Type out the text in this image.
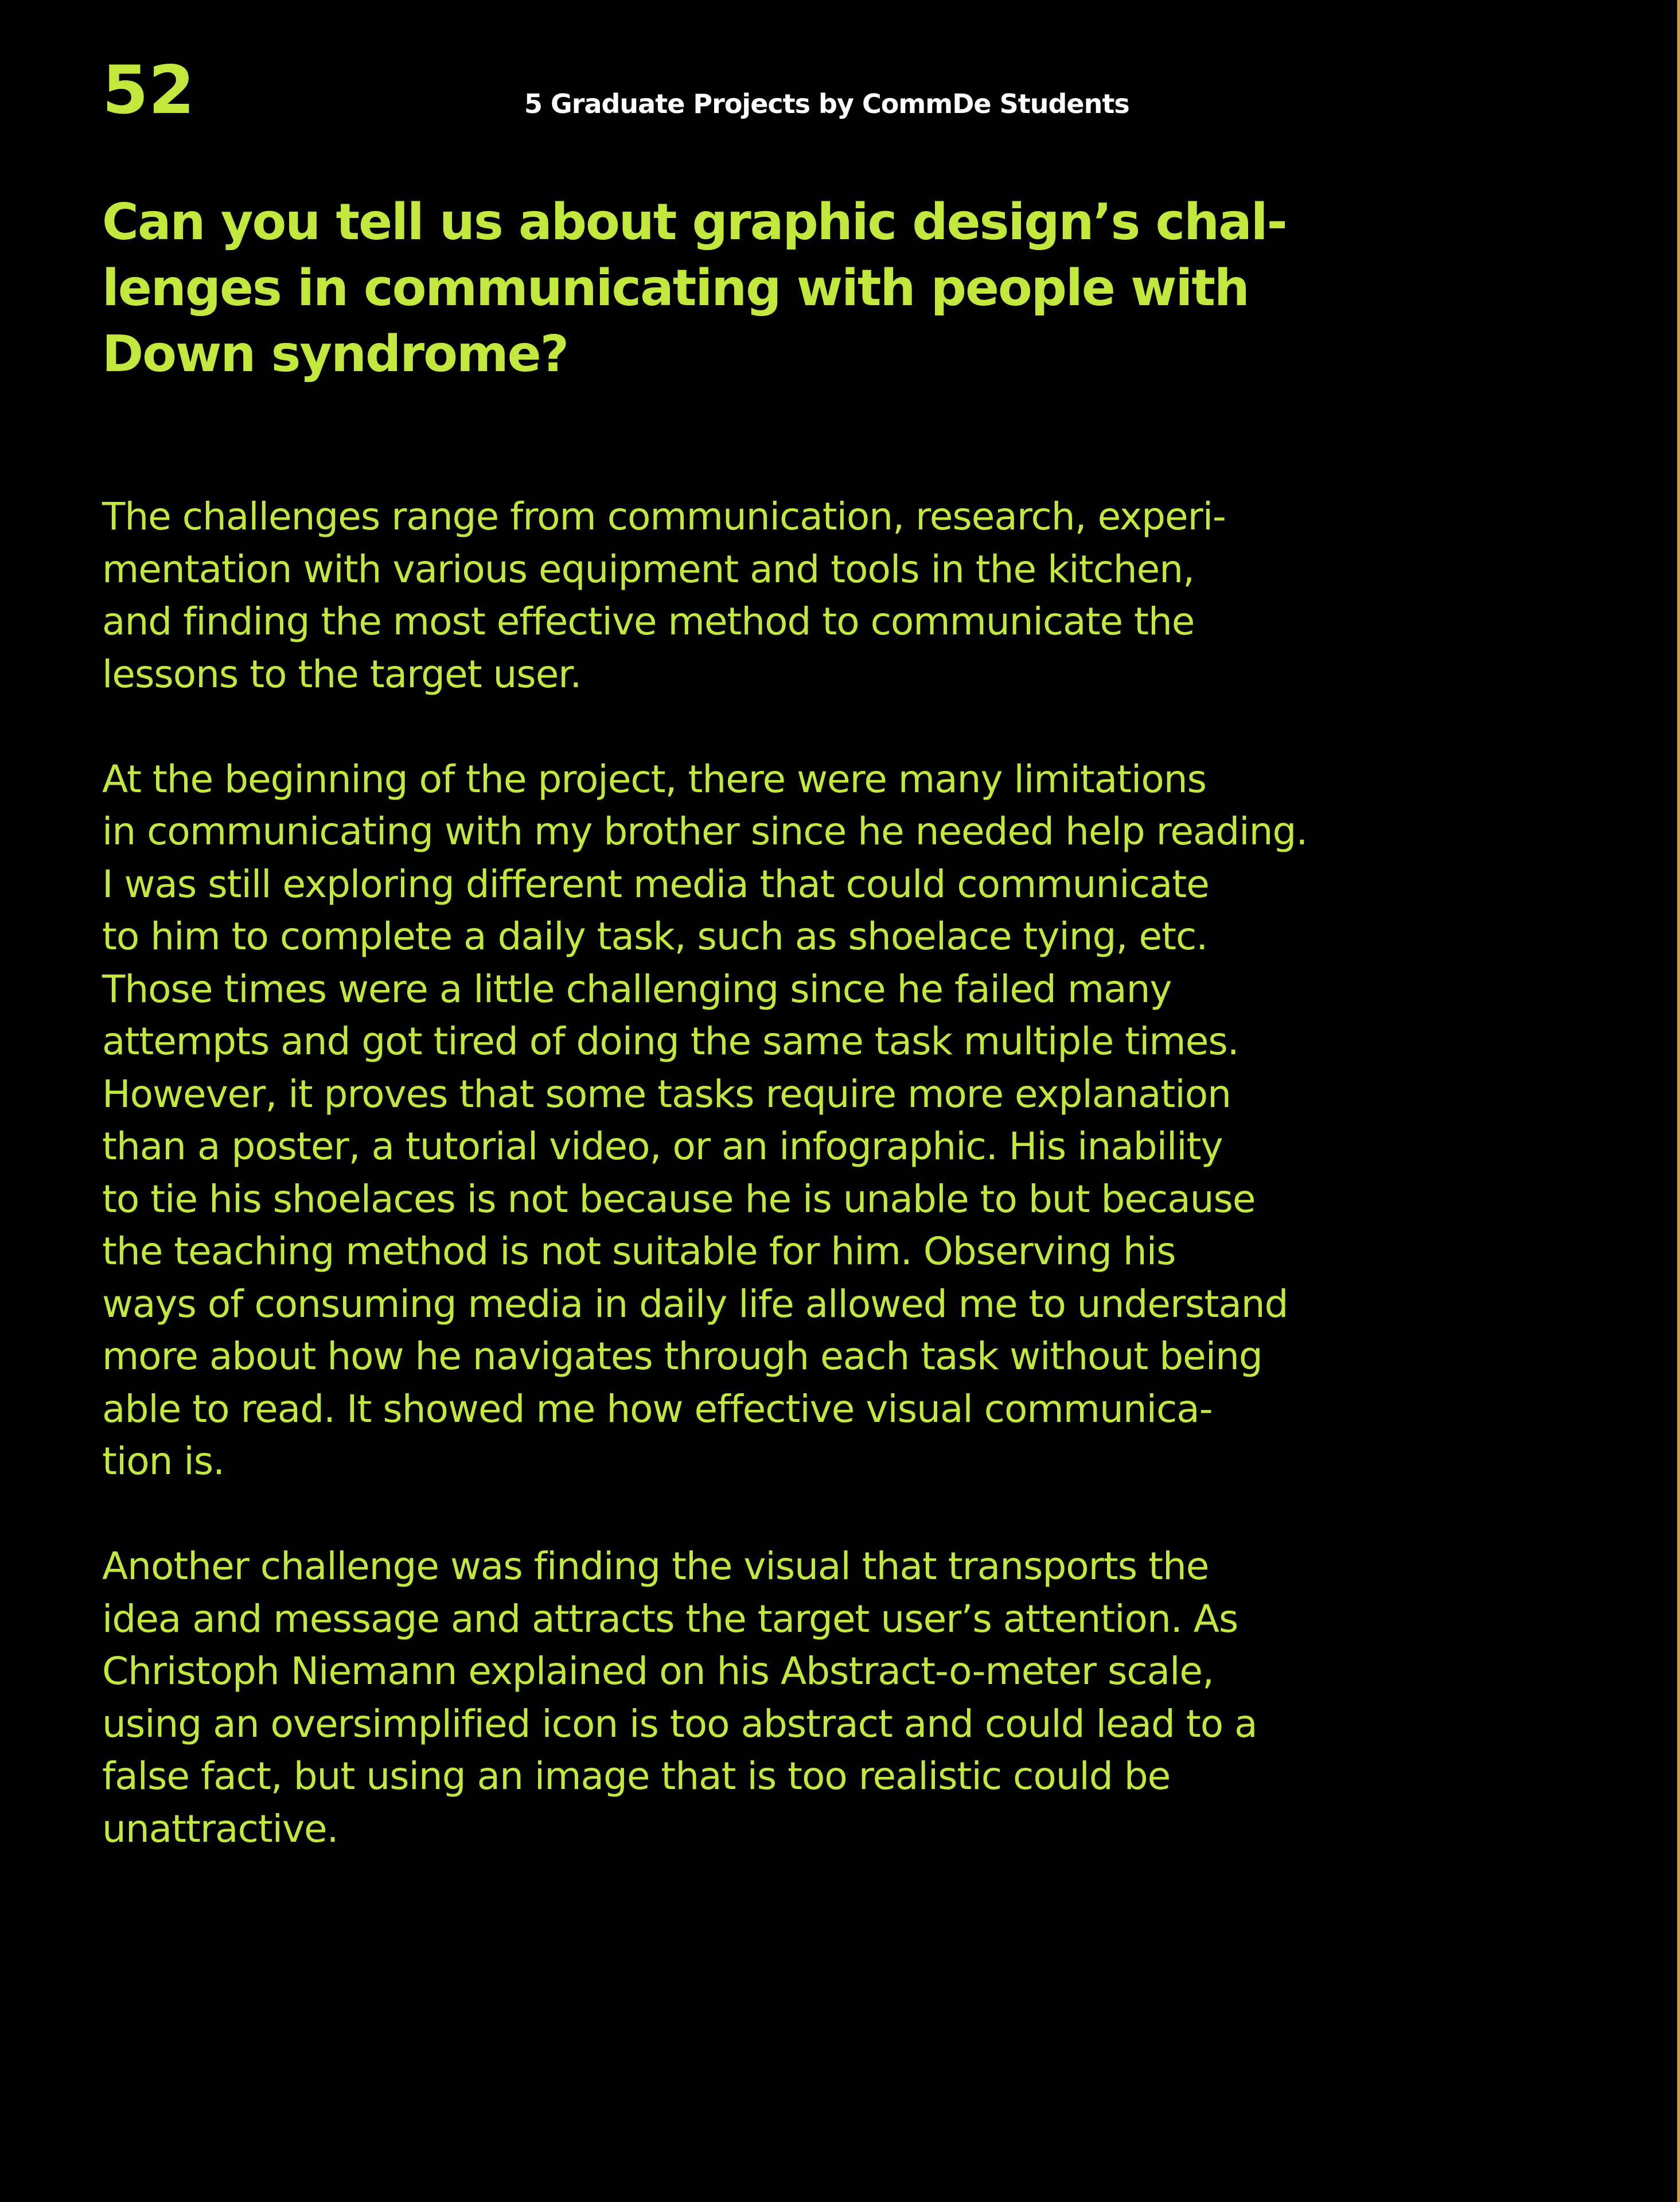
52	5 Graduate Projects by CommDe Students
Can you tell us about graphic design’s chal-
lenges in communicating with people with
Down syndrome?

The challenges range from communication, research, experi-
mentation with various equipment and tools in the kitchen,
and finding the most effective method to communicate the
lessons to the target user.

At the beginning of the project, there were many limitations
in communicating with my brother since he needed help reading.
I was still exploring different media that could communicate
to him to complete a daily task, such as shoelace tying, etc.
Those times were a little challenging since he failed many
attempts and got tired of doing the same task multiple times.
However, it proves that some tasks require more explanation
than a poster, a tutorial video, or an infographic. His inability
to tie his shoelaces is not because he is unable to but because
the teaching method is not suitable for him. Observing his
ways of consuming media in daily life allowed me to understand
more about how he navigates through each task without being
able to read. It showed me how effective visual communica-
tion is.

Another challenge was finding the visual that transports the
idea and message and attracts the target user’s attention. As
Christoph Niemann explained on his Abstract-o-meter scale,
using an oversimplified icon is too abstract and could lead to a
false fact, but using an image that is too realistic could be
unattractive.
